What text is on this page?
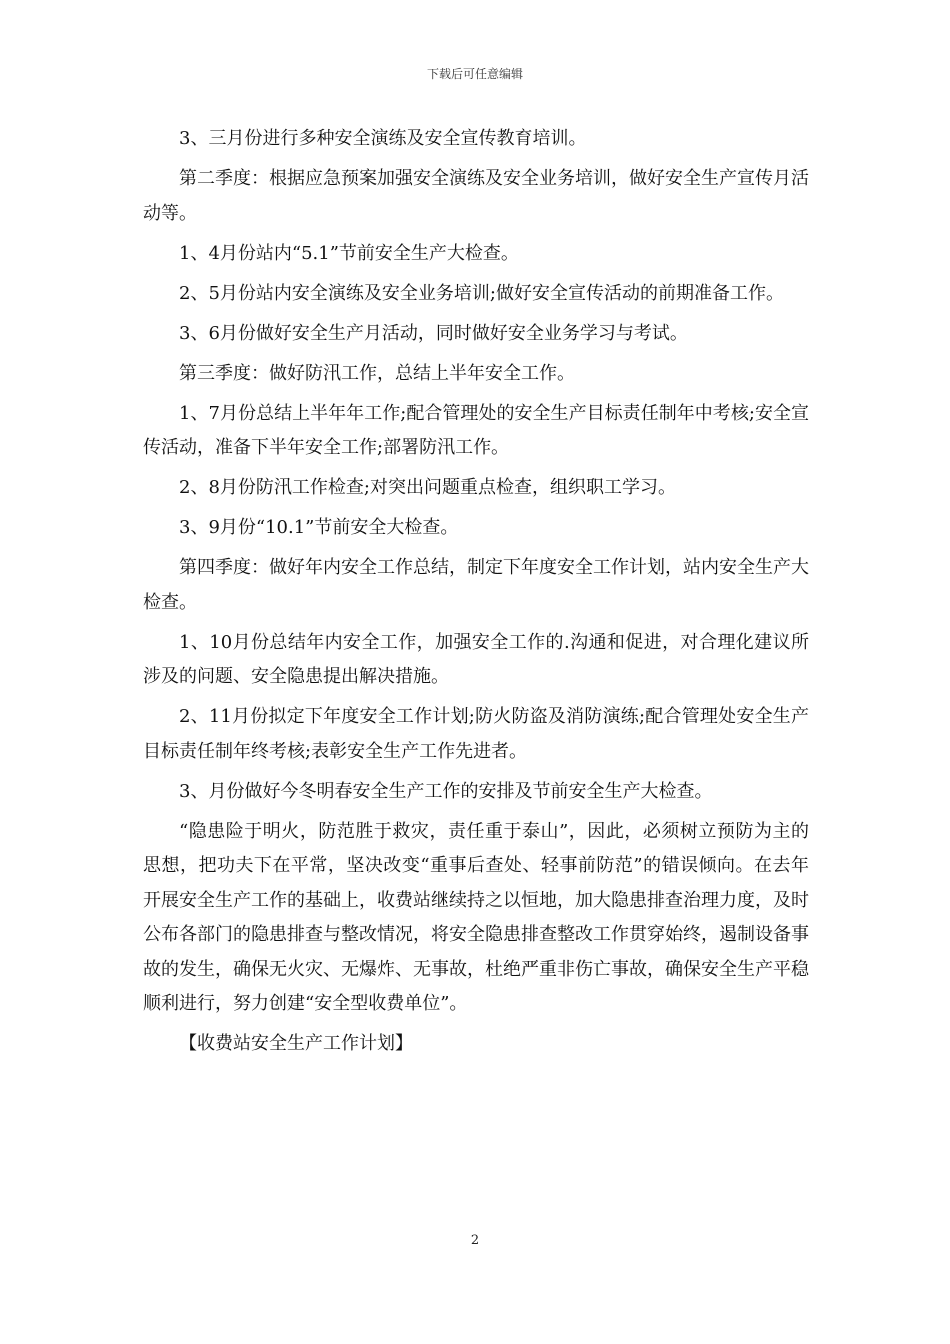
下载后可任意编辑

3、三月份进行多种安全演练及安全宣传教育培训。

第二季度：根据应急预案加强安全演练及安全业务培训，做好安全生产宣传月活动等。

1、4月份站内“5.1”节前安全生产大检查。

2、5月份站内安全演练及安全业务培训;做好安全宣传活动的前期准备工作。

3、6月份做好安全生产月活动，同时做好安全业务学习与考试。

第三季度：做好防汛工作，总结上半年安全工作。

1、7月份总结上半年年工作;配合管理处的安全生产目标责任制年中考核;安全宣传活动，准备下半年安全工作;部署防汛工作。

2、8月份防汛工作检查;对突出问题重点检查，组织职工学习。

3、9月份“10.1”节前安全大检查。

第四季度：做好年内安全工作总结，制定下年度安全工作计划，站内安全生产大检查。

1、10月份总结年内安全工作，加强安全工作的.沟通和促进，对合理化建议所涉及的问题、安全隐患提出解决措施。

2、11月份拟定下年度安全工作计划;防火防盗及消防演练;配合管理处安全生产目标责任制年终考核;表彰安全生产工作先进者。

3、月份做好今冬明春安全生产工作的安排及节前安全生产大检查。

“隐患险于明火，防范胜于救灾，责任重于泰山”，因此，必须树立预防为主的思想，把功夫下在平常，坚决改变“重事后查处、轻事前防范”的错误倾向。在去年开展安全生产工作的基础上，收费站继续持之以恒地，加大隐患排查治理力度，及时公布各部门的隐患排查与整改情况，将安全隐患排查整改工作贯穿始终，遏制设备事故的发生，确保无火灾、无爆炸、无事故，杜绝严重非伤亡事故，确保安全生产平稳顺利进行，努力创建“安全型收费单位”。

【收费站安全生产工作计划】

2
